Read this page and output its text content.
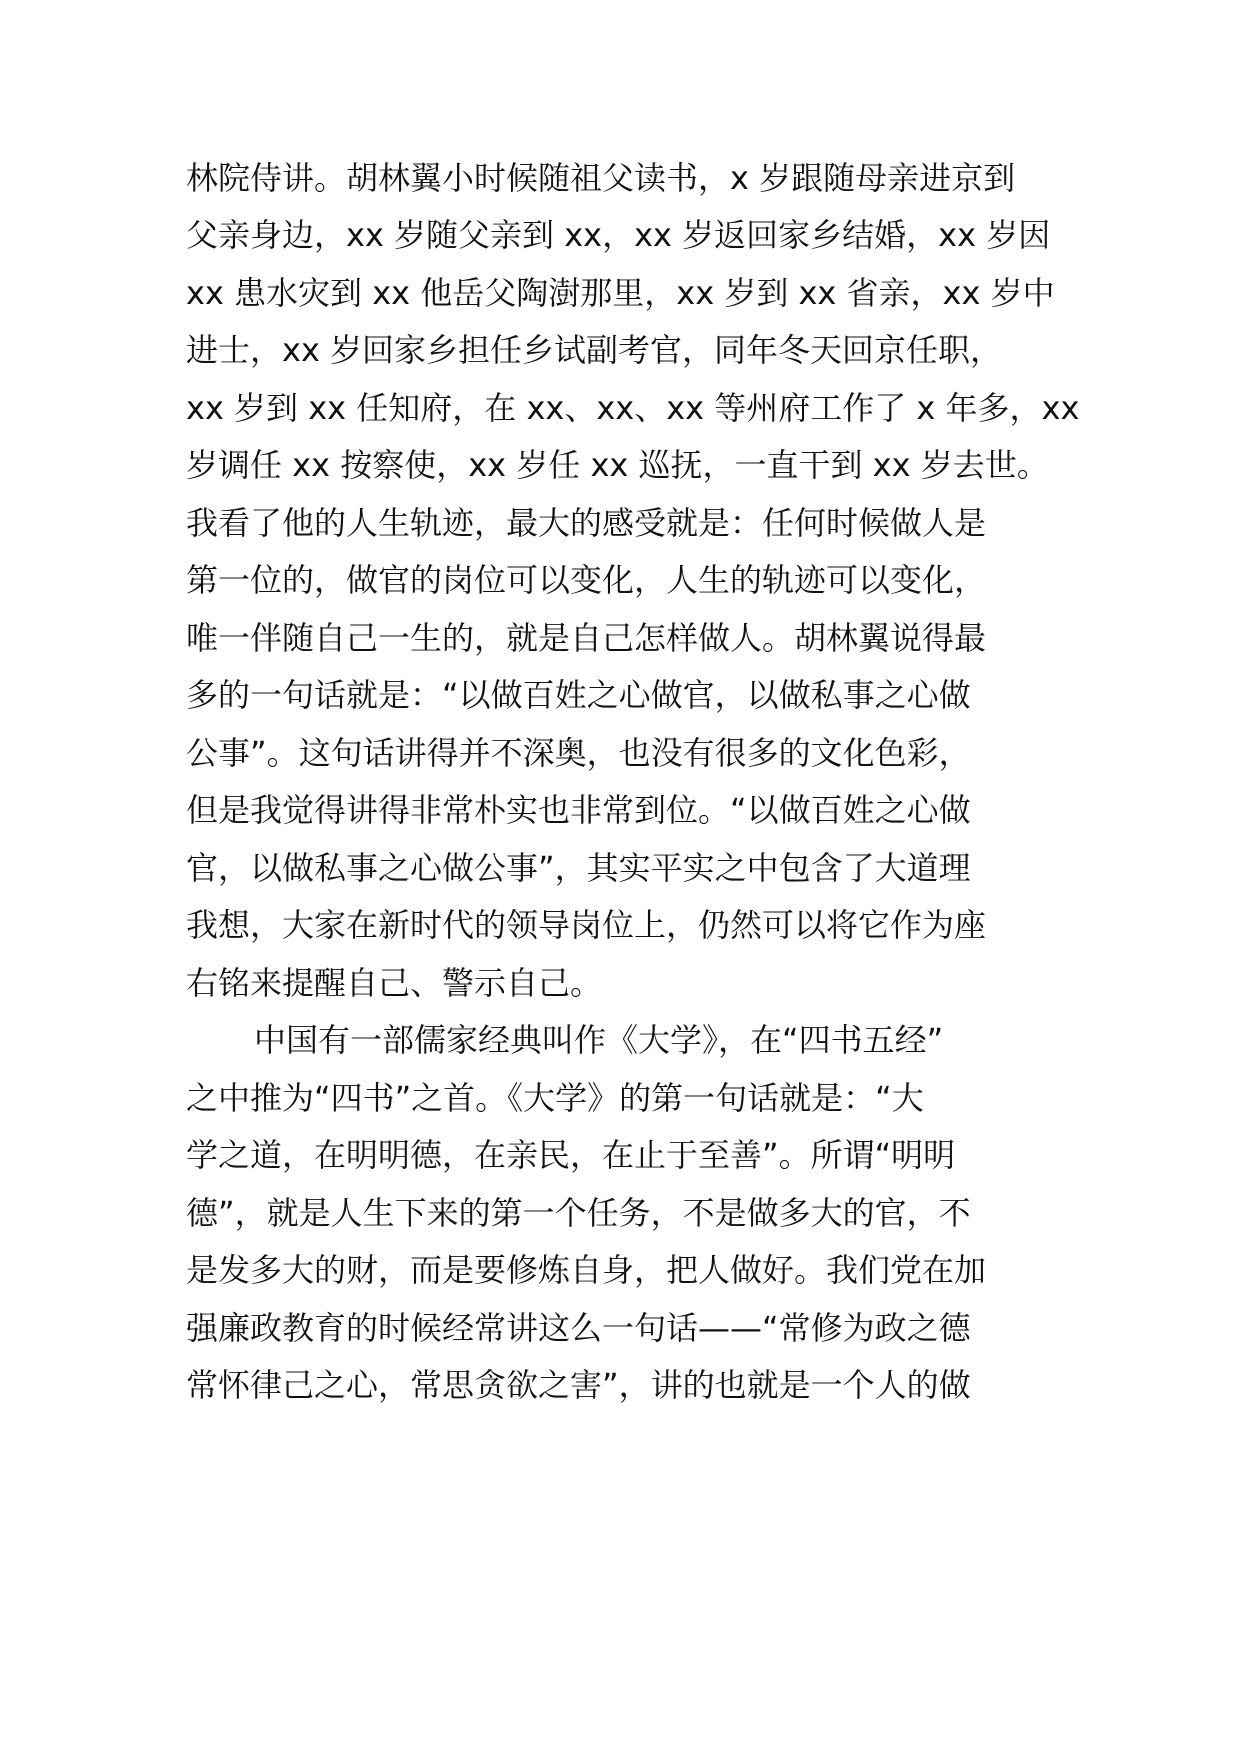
林院侍讲。胡林翼小时候随祖父读书，x 岁跟随母亲进京到
父亲身边，xx 岁随父亲到 xx，xx 岁返回家乡结婚，xx 岁因
xx 患水灾到 xx 他岳父陶澍那里，xx 岁到 xx 省亲，xx 岁中
进士，xx 岁回家乡担任乡试副考官，同年冬天回京任职，
xx 岁到 xx 任知府，在 xx、xx、xx 等州府工作了 x 年多，xx
岁调任 xx 按察使，xx 岁任 xx 巡抚，一直干到 xx 岁去世。
我看了他的人生轨迹，最大的感受就是：任何时候做人是
第一位的，做官的岗位可以变化，人生的轨迹可以变化，
唯一伴随自己一生的，就是自己怎样做人。胡林翼说得最
多的一句话就是：“以做百姓之心做官，以做私事之心做
公事”。这句话讲得并不深奥，也没有很多的文化色彩，
但是我觉得讲得非常朴实也非常到位。“以做百姓之心做
官，以做私事之心做公事”，其实平实之中包含了大道理
我想，大家在新时代的领导岗位上，仍然可以将它作为座
右铭来提醒自己、警示自己。
中国有一部儒家经典叫作《大学》，在“四书五经”
之中推为“四书”之首。《大学》的第一句话就是：“大
学之道，在明明德，在亲民，在止于至善”。所谓“明明
德”，就是人生下来的第一个任务，不是做多大的官，不
是发多大的财，而是要修炼自身，把人做好。我们党在加
强廉政教育的时候经常讲这么一句话——“常修为政之德
常怀律己之心，常思贪欲之害”，讲的也就是一个人的做
